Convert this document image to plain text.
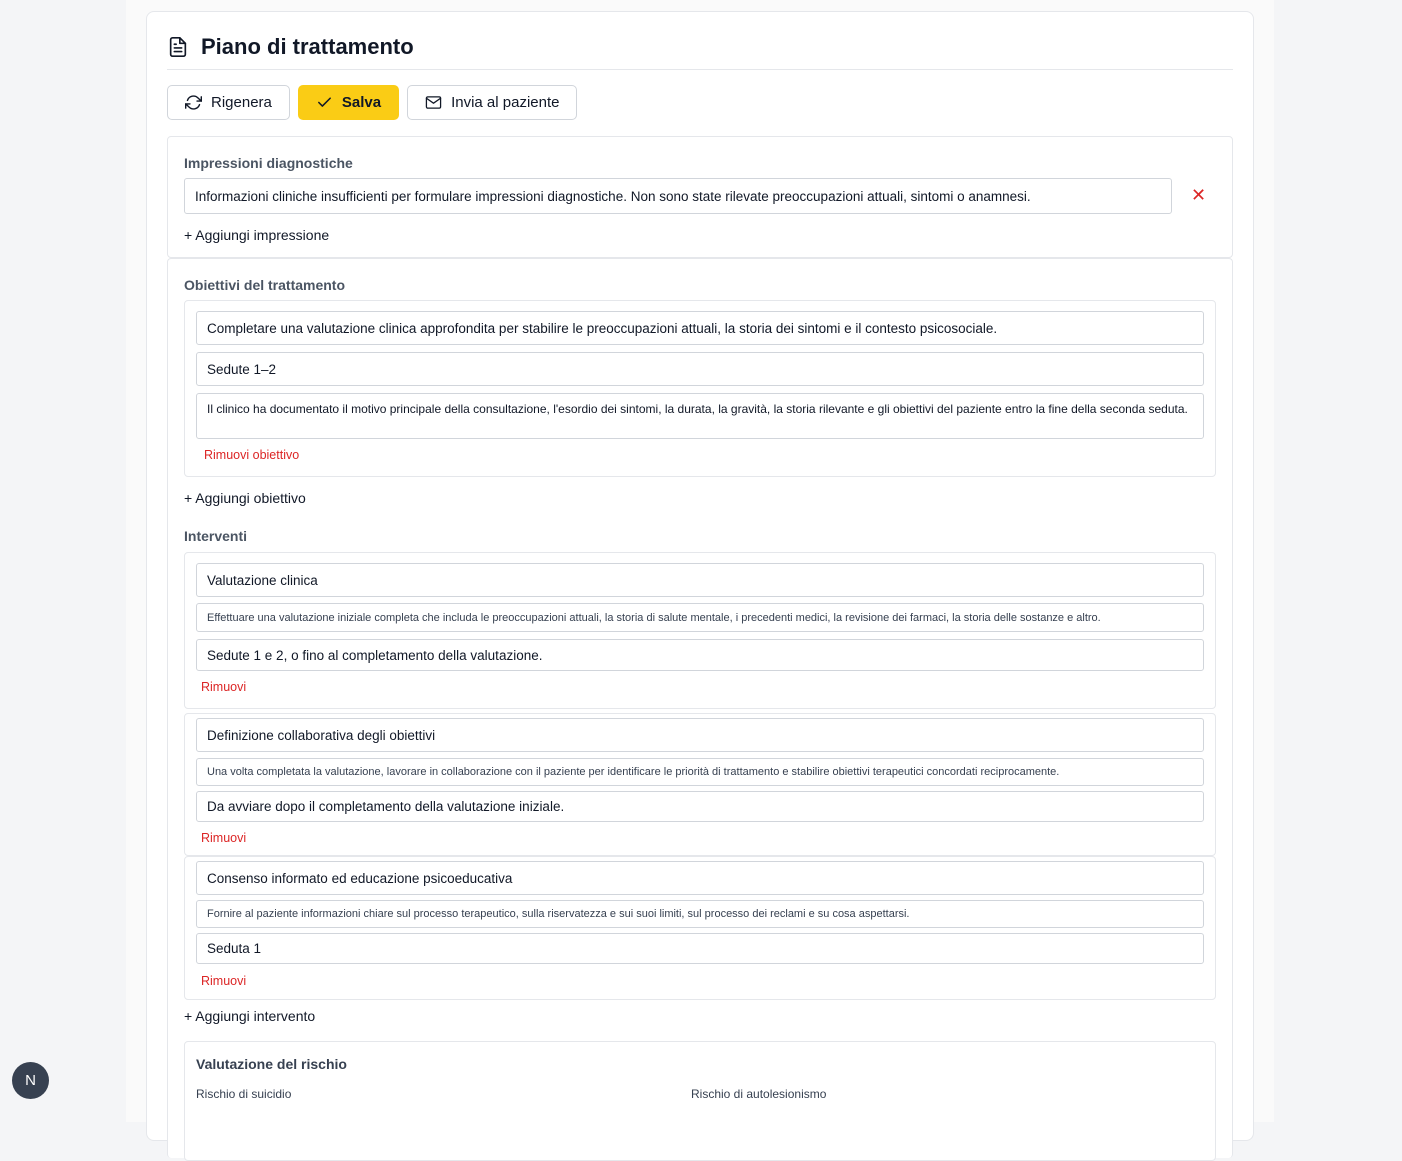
Piano di trattamento
Rigenera	Salva	Invia al paziente
Impressioni diagnostiche
Informazioni cliniche insufficienti per formulare impressioni diagnostiche. Non sono state rilevate preoccupazioni attuali, sintomi o anamnesi.	✕
+ Aggiungi impressione
Obiettivi del trattamento
Completare una valutazione clinica approfondita per stabilire le preoccupazioni attuali, la storia dei sintomi e il contesto psicosociale.
Sedute 1–2
Il clinico ha documentato il motivo principale della consultazione, l'esordio dei sintomi, la durata, la gravità, la storia rilevante e gli obiettivi del paziente entro la fine della seconda seduta.
Rimuovi obiettivo
+ Aggiungi obiettivo
Interventi
Valutazione clinica
Effettuare una valutazione iniziale completa che includa le preoccupazioni attuali, la storia di salute mentale, i precedenti medici, la revisione dei farmaci, la storia delle sostanze e altro.
Sedute 1 e 2, o fino al completamento della valutazione.
Rimuovi
Definizione collaborativa degli obiettivi
Una volta completata la valutazione, lavorare in collaborazione con il paziente per identificare le priorità di trattamento e stabilire obiettivi terapeutici concordati reciprocamente.
Da avviare dopo il completamento della valutazione iniziale.
Rimuovi
Consenso informato ed educazione psicoeducativa
Fornire al paziente informazioni chiare sul processo terapeutico, sulla riservatezza e sui suoi limiti, sul processo dei reclami e su cosa aspettarsi.
Seduta 1
Rimuovi
+ Aggiungi intervento
Valutazione del rischio
Rischio di suicidio	Rischio di autolesionismo
N
